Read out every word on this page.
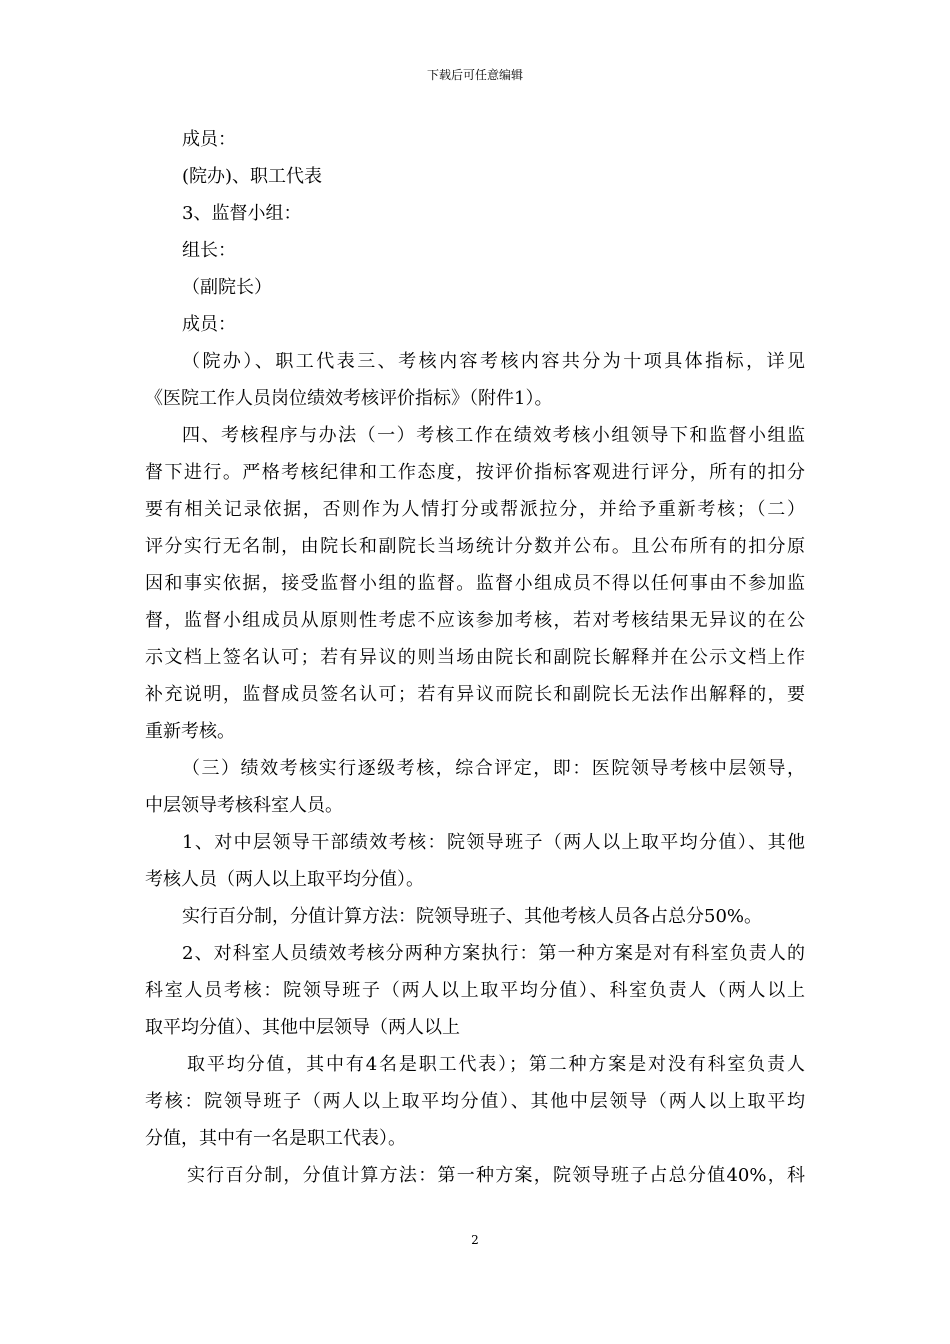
下载后可任意编辑
成员：
(院办)、职工代表
3、监督小组：
组长：
（副院长）
成员：
（院办）、职工代表三、考核内容考核内容共分为十项具体指标，详见
《医院工作人员岗位绩效考核评价指标》（附件1）。
四、考核程序与办法（一）考核工作在绩效考核小组领导下和监督小组监
督下进行。严格考核纪律和工作态度，按评价指标客观进行评分，所有的扣分
要有相关记录依据，否则作为人情打分或帮派拉分，并给予重新考核；（二）
评分实行无名制，由院长和副院长当场统计分数并公布。且公布所有的扣分原
因和事实依据，接受监督小组的监督。监督小组成员不得以任何事由不参加监
督，监督小组成员从原则性考虑不应该参加考核，若对考核结果无异议的在公
示文档上签名认可；若有异议的则当场由院长和副院长解释并在公示文档上作
补充说明，监督成员签名认可；若有异议而院长和副院长无法作出解释的，要
重新考核。
（三）绩效考核实行逐级考核，综合评定，即：医院领导考核中层领导，
中层领导考核科室人员。
1、对中层领导干部绩效考核：院领导班子（两人以上取平均分值）、其他
考核人员（两人以上取平均分值）。
实行百分制，分值计算方法：院领导班子、其他考核人员各占总分50%。
2、对科室人员绩效考核分两种方案执行：第一种方案是对有科室负责人的
科室人员考核：院领导班子（两人以上取平均分值）、科室负责人（两人以上
取平均分值）、其他中层领导（两人以上
取平均分值，其中有4名是职工代表）；第二种方案是对没有科室负责人
考核：院领导班子（两人以上取平均分值）、其他中层领导（两人以上取平均
分值，其中有一名是职工代表）。
实行百分制，分值计算方法：第一种方案，院领导班子占总分值40%，科
2
